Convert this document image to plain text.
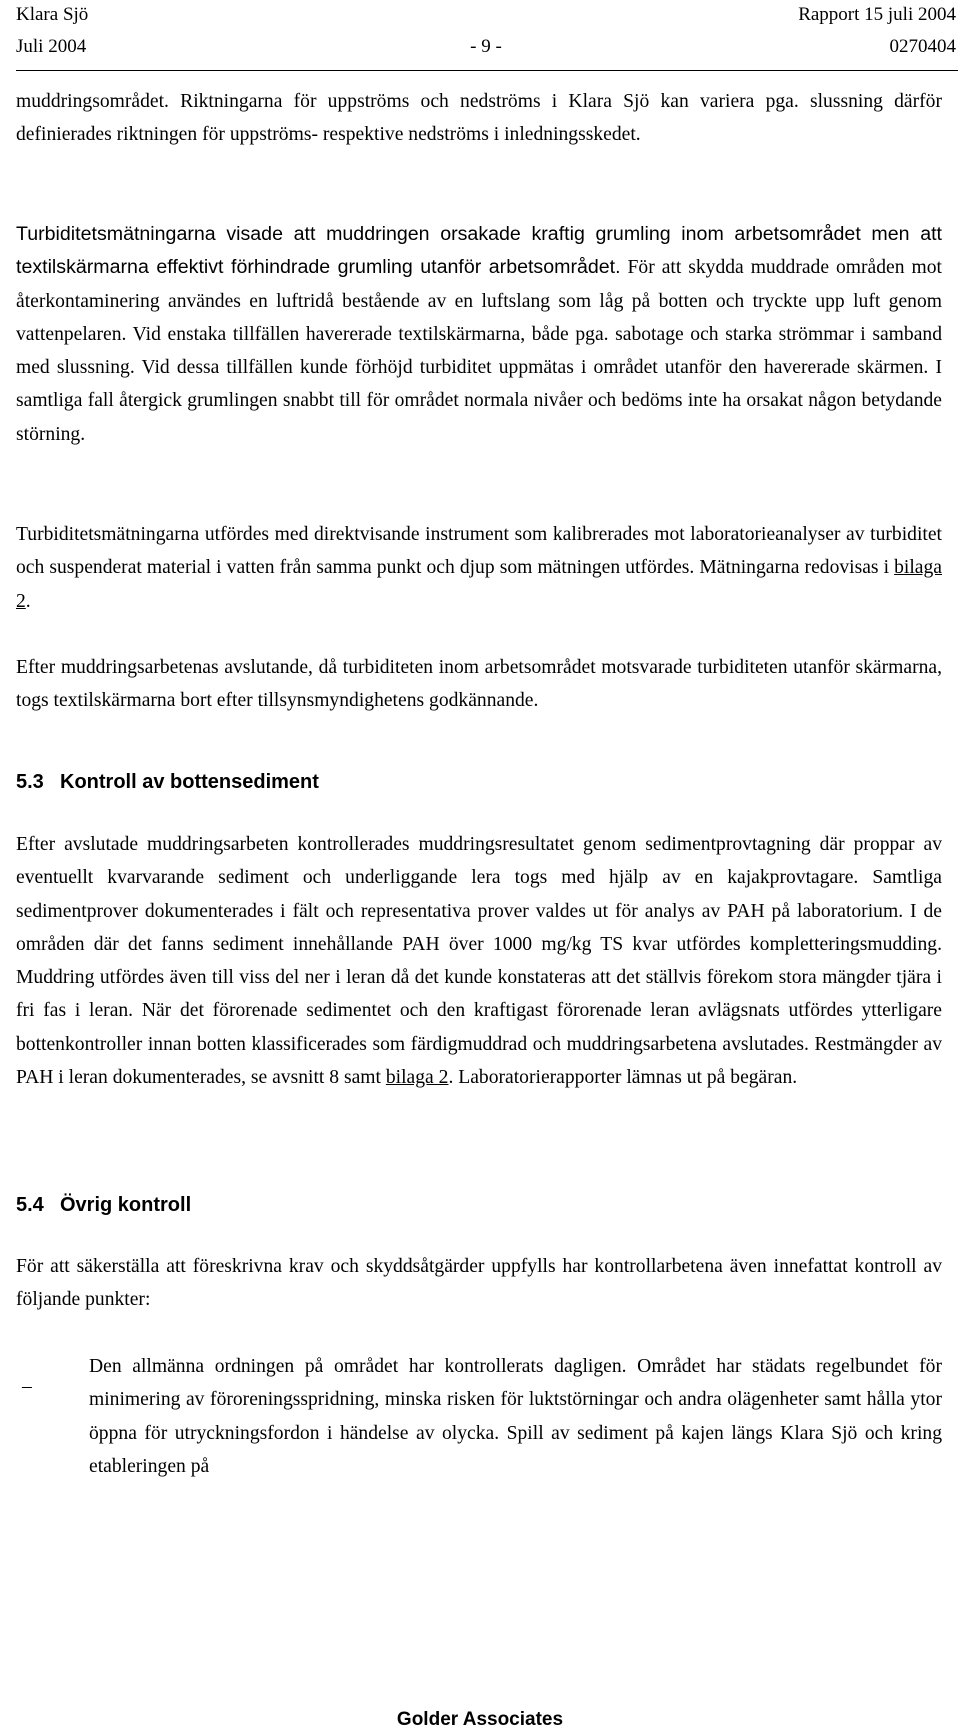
Klara Sjö	Rapport 15 juli 2004
Juli 2004	- 9 -	0270404

muddringsområdet. Riktningarna för uppströms och nedströms i Klara Sjö kan variera pga. slussning därför definierades riktningen för uppströms- respektive nedströms i inledningsskedet.

Turbiditetsmätningarna visade att muddringen orsakade kraftig grumling inom arbetsområdet men att textilskärmarna effektivt förhindrade grumling utanför arbetsområdet. För att skydda muddrade områden mot återkontaminering användes en luftridå bestående av en luftslang som låg på botten och tryckte upp luft genom vattenpelaren. Vid enstaka tillfällen havererade textilskärmarna, både pga. sabotage och starka strömmar i samband med slussning. Vid dessa tillfällen kunde förhöjd turbiditet uppmätas i området utanför den havererade skärmen. I samtliga fall återgick grumlingen snabbt till för området normala nivåer och bedöms inte ha orsakat någon betydande störning.

Turbiditetsmätningarna utfördes med direktvisande instrument som kalibrerades mot laboratorieanalyser av turbiditet och suspenderat material i vatten från samma punkt och djup som mätningen utfördes. Mätningarna redovisas i bilaga 2.

Efter muddringsarbetenas avslutande, då turbiditeten inom arbetsområdet motsvarade turbiditeten utanför skärmarna, togs textilskärmarna bort efter tillsynsmyndighetens godkännande.

5.3 Kontroll av bottensediment

Efter avslutade muddringsarbeten kontrollerades muddringsresultatet genom sedimentprovtagning där proppar av eventuellt kvarvarande sediment och underliggande lera togs med hjälp av en kajakprovtagare. Samtliga sedimentprover dokumenterades i fält och representativa prover valdes ut för analys av PAH på laboratorium. I de områden där det fanns sediment innehållande PAH över 1000 mg/kg TS kvar utfördes kompletteringsmudding. Muddring utfördes även till viss del ner i leran då det kunde konstateras att det ställvis förekom stora mängder tjära i fri fas i leran. När det förorenade sedimentet och den kraftigast förorenade leran avlägsnats utfördes ytterligare bottenkontroller innan botten klassificerades som färdigmuddrad och muddringsarbetena avslutades. Restmängder av PAH i leran dokumenterades, se avsnitt 8 samt bilaga 2. Laboratorierapporter lämnas ut på begäran.

5.4 Övrig kontroll

För att säkerställa att föreskrivna krav och skyddsåtgärder uppfylls har kontrollarbetena även innefattat kontroll av följande punkter:

–

Den allmänna ordningen på området har kontrollerats dagligen. Området har städats regelbundet för minimering av föroreningsspridning, minska risken för luktstörningar och andra olägenheter samt hålla ytor öppna för utryckningsfordon i händelse av olycka. Spill av sediment på kajen längs Klara Sjö och kring etableringen på

Golder Associates
